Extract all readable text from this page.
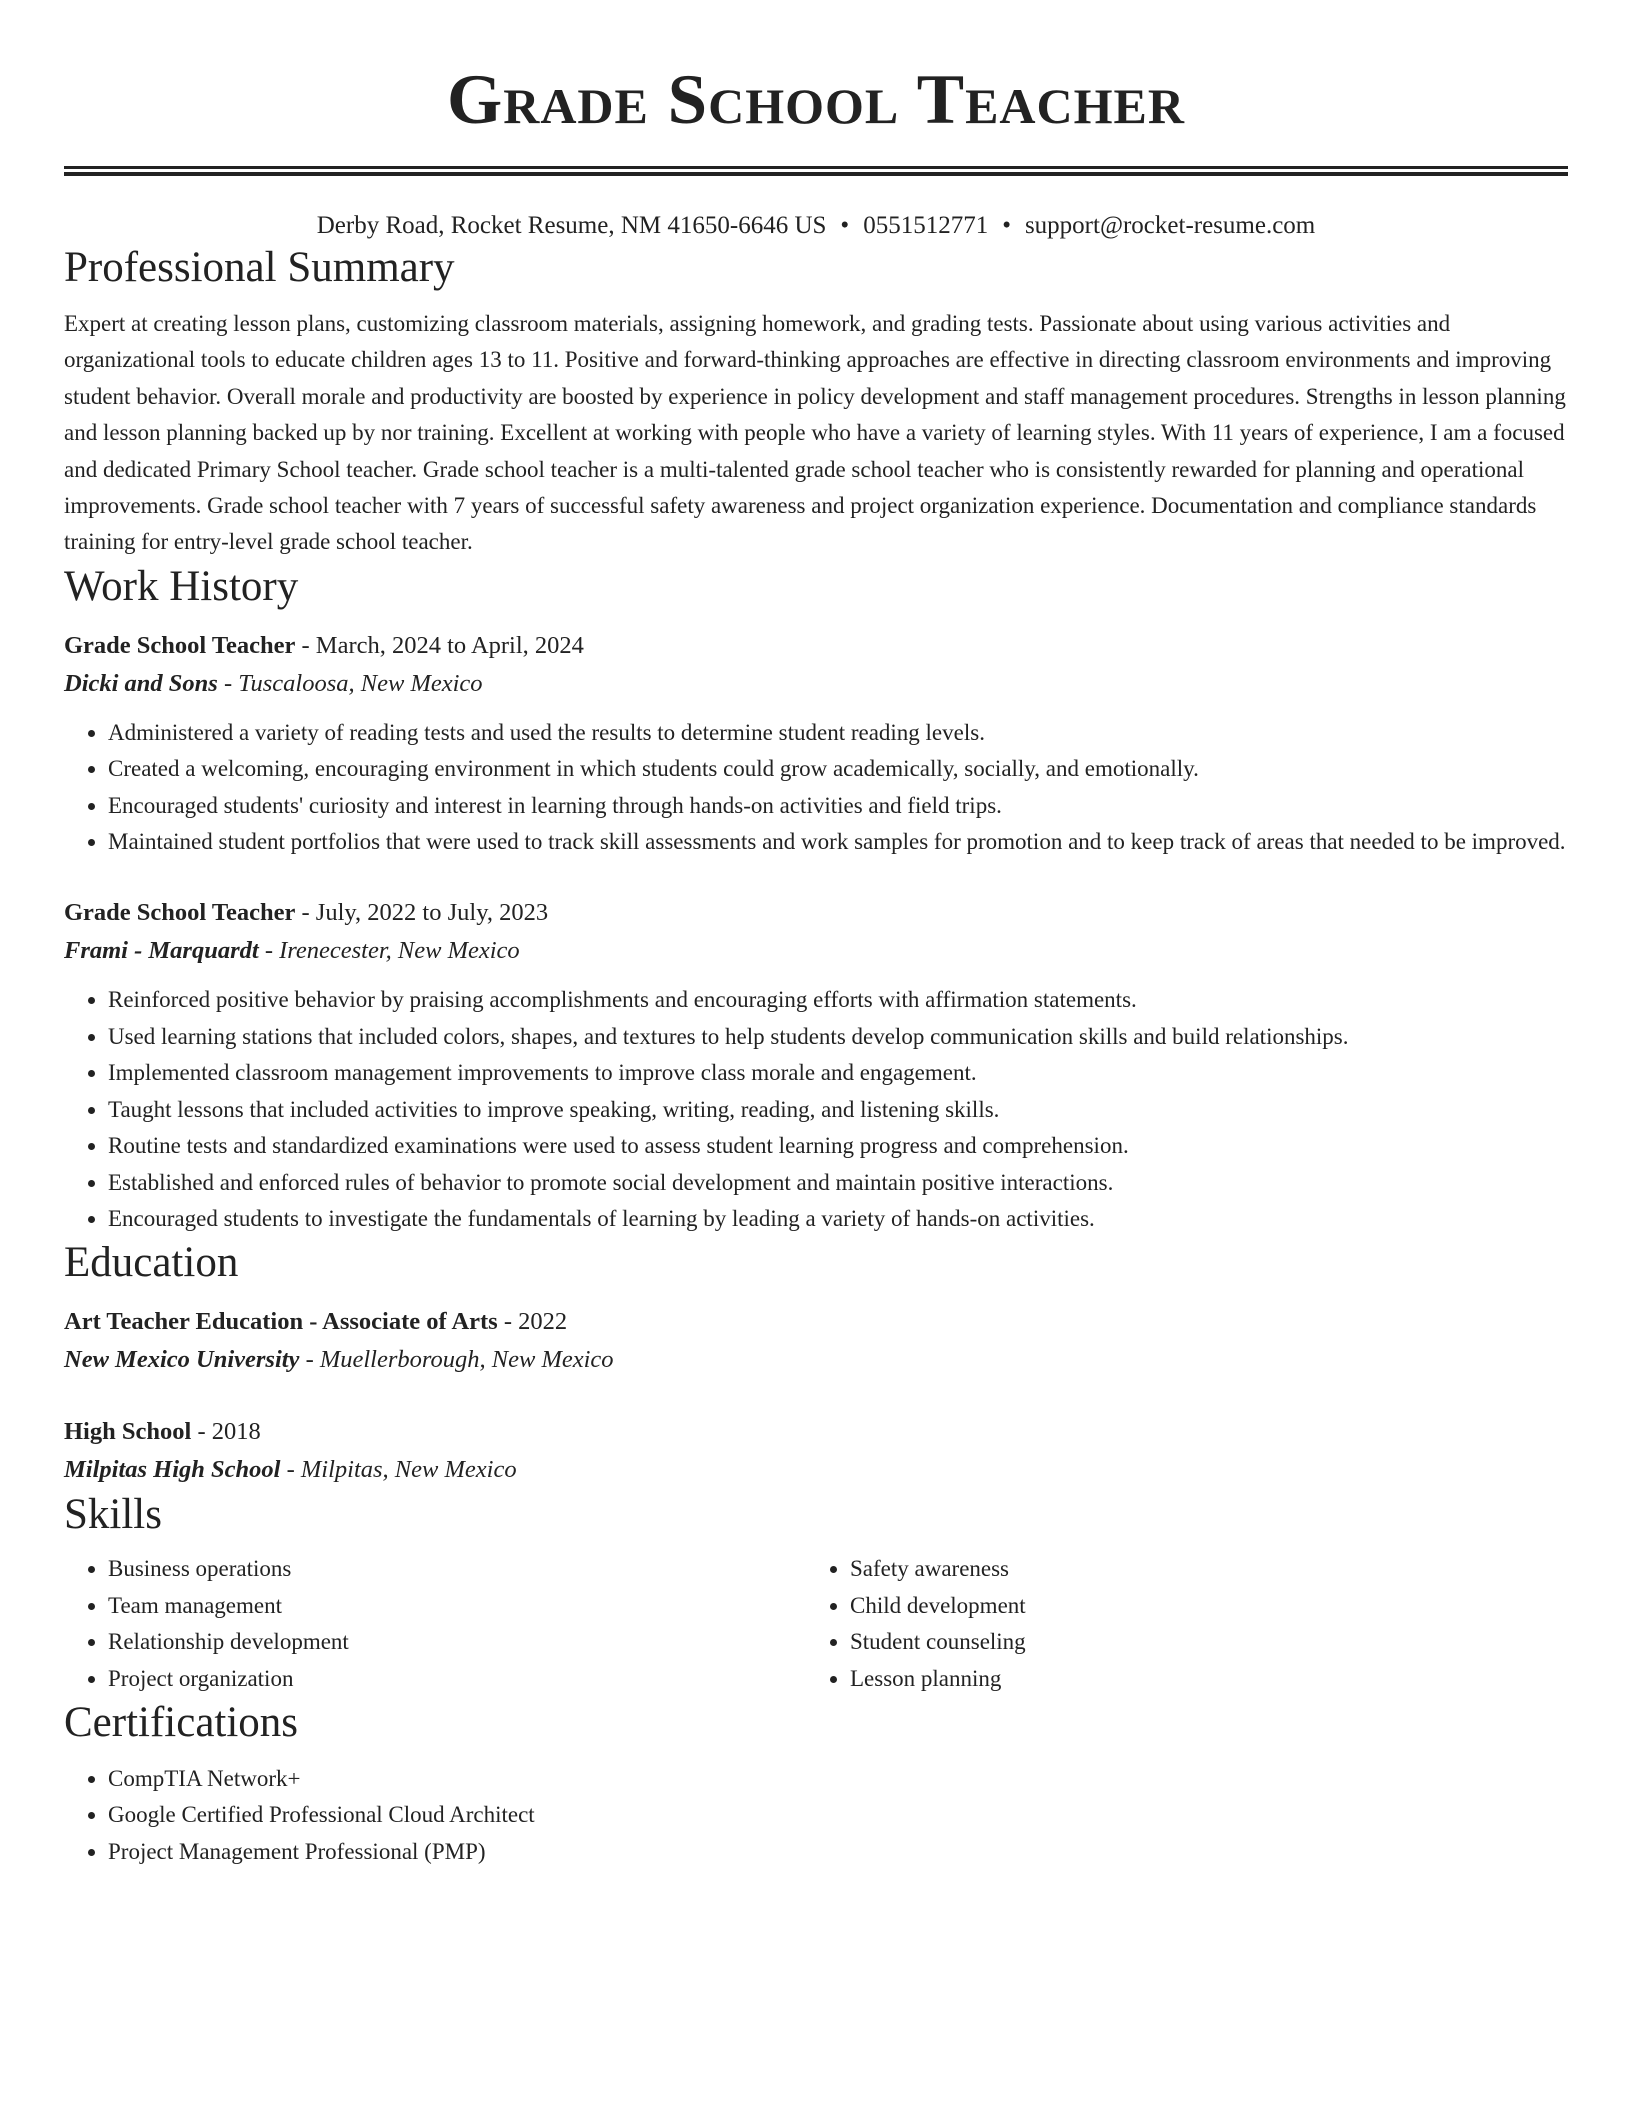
Grade School Teacher
Derby Road, Rocket Resume, NM 41650-6646 US • 0551512771 • support@rocket-resume.com
Professional Summary

Expert at creating lesson plans, customizing classroom materials, assigning homework, and grading tests. Passionate about using various activities and organizational tools to educate children ages 13 to 11. Positive and forward-thinking approaches are effective in directing classroom environments and improving student behavior. Overall morale and productivity are boosted by experience in policy development and staff management procedures. Strengths in lesson planning and lesson planning backed up by nor training. Excellent at working with people who have a variety of learning styles. With 11 years of experience, I am a focused and dedicated Primary School teacher. Grade school teacher is a multi-talented grade school teacher who is consistently rewarded for planning and operational improvements. Grade school teacher with 7 years of successful safety awareness and project organization experience. Documentation and compliance standards training for entry-level grade school teacher.

Work History
Grade School Teacher - March, 2024 to April, 2024
Dicki and Sons - Tuscaloosa, New Mexico
• Administered a variety of reading tests and used the results to determine student reading levels.
• Created a welcoming, encouraging environment in which students could grow academically, socially, and emotionally.
• Encouraged students' curiosity and interest in learning through hands-on activities and field trips.
• Maintained student portfolios that were used to track skill assessments and work samples for promotion and to keep track of areas that needed to be improved.
Grade School Teacher - July, 2022 to July, 2023
Frami - Marquardt - Irenecester, New Mexico
• Reinforced positive behavior by praising accomplishments and encouraging efforts with affirmation statements.
• Used learning stations that included colors, shapes, and textures to help students develop communication skills and build relationships.
• Implemented classroom management improvements to improve class morale and engagement.
• Taught lessons that included activities to improve speaking, writing, reading, and listening skills.
• Routine tests and standardized examinations were used to assess student learning progress and comprehension.
• Established and enforced rules of behavior to promote social development and maintain positive interactions.
• Encouraged students to investigate the fundamentals of learning by leading a variety of hands-on activities.
Education
Art Teacher Education - Associate of Arts - 2022
New Mexico University - Muellerborough, New Mexico
High School - 2018
Milpitas High School - Milpitas, New Mexico
Skills
• Business operations
• Team management
• Relationship development
• Project organization
• Safety awareness
• Child development
• Student counseling
• Lesson planning
Certifications
• CompTIA Network+
• Google Certified Professional Cloud Architect
• Project Management Professional (PMP)
